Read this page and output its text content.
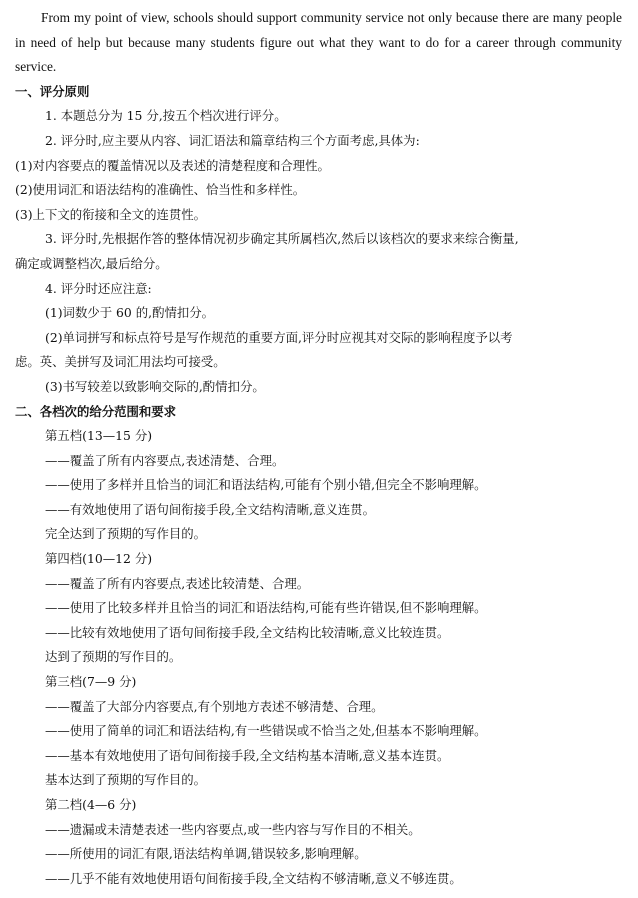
From my point of view, schools should support community service not only because there are many people in need of help but because many students figure out what they want to do for a career through community service.

一、评分原则

1. 本题总分为 15 分,按五个档次进行评分。

2. 评分时,应主要从内容、词汇语法和篇章结构三个方面考虑,具体为:

(1)对内容要点的覆盖情况以及表述的清楚程度和合理性。

(2)使用词汇和语法结构的准确性、恰当性和多样性。

(3)上下文的衔接和全文的连贯性。

3. 评分时,先根据作答的整体情况初步确定其所属档次,然后以该档次的要求来综合衡量,

确定或调整档次,最后给分。

4. 评分时还应注意:

(1)词数少于 60 的,酌情扣分。

(2)单词拼写和标点符号是写作规范的重要方面,评分时应视其对交际的影响程度予以考

虑。英、美拼写及词汇用法均可接受。

(3)书写较差以致影响交际的,酌情扣分。

二、各档次的给分范围和要求

第五档(13—15 分)

——覆盖了所有内容要点,表述清楚、合理。

——使用了多样并且恰当的词汇和语法结构,可能有个别小错,但完全不影响理解。

——有效地使用了语句间衔接手段,全文结构清晰,意义连贯。

完全达到了预期的写作目的。

第四档(10—12 分)

——覆盖了所有内容要点,表述比较清楚、合理。

——使用了比较多样并且恰当的词汇和语法结构,可能有些许错误,但不影响理解。

——比较有效地使用了语句间衔接手段,全文结构比较清晰,意义比较连贯。

达到了预期的写作目的。

第三档(7—9 分)

——覆盖了大部分内容要点,有个别地方表述不够清楚、合理。

——使用了简单的词汇和语法结构,有一些错误或不恰当之处,但基本不影响理解。

——基本有效地使用了语句间衔接手段,全文结构基本清晰,意义基本连贯。

基本达到了预期的写作目的。

第二档(4—6 分)

——遗漏或未清楚表述一些内容要点,或一些内容与写作目的不相关。

——所使用的词汇有限,语法结构单调,错误较多,影响理解。

——几乎不能有效地使用语句间衔接手段,全文结构不够清晰,意义不够连贯。
